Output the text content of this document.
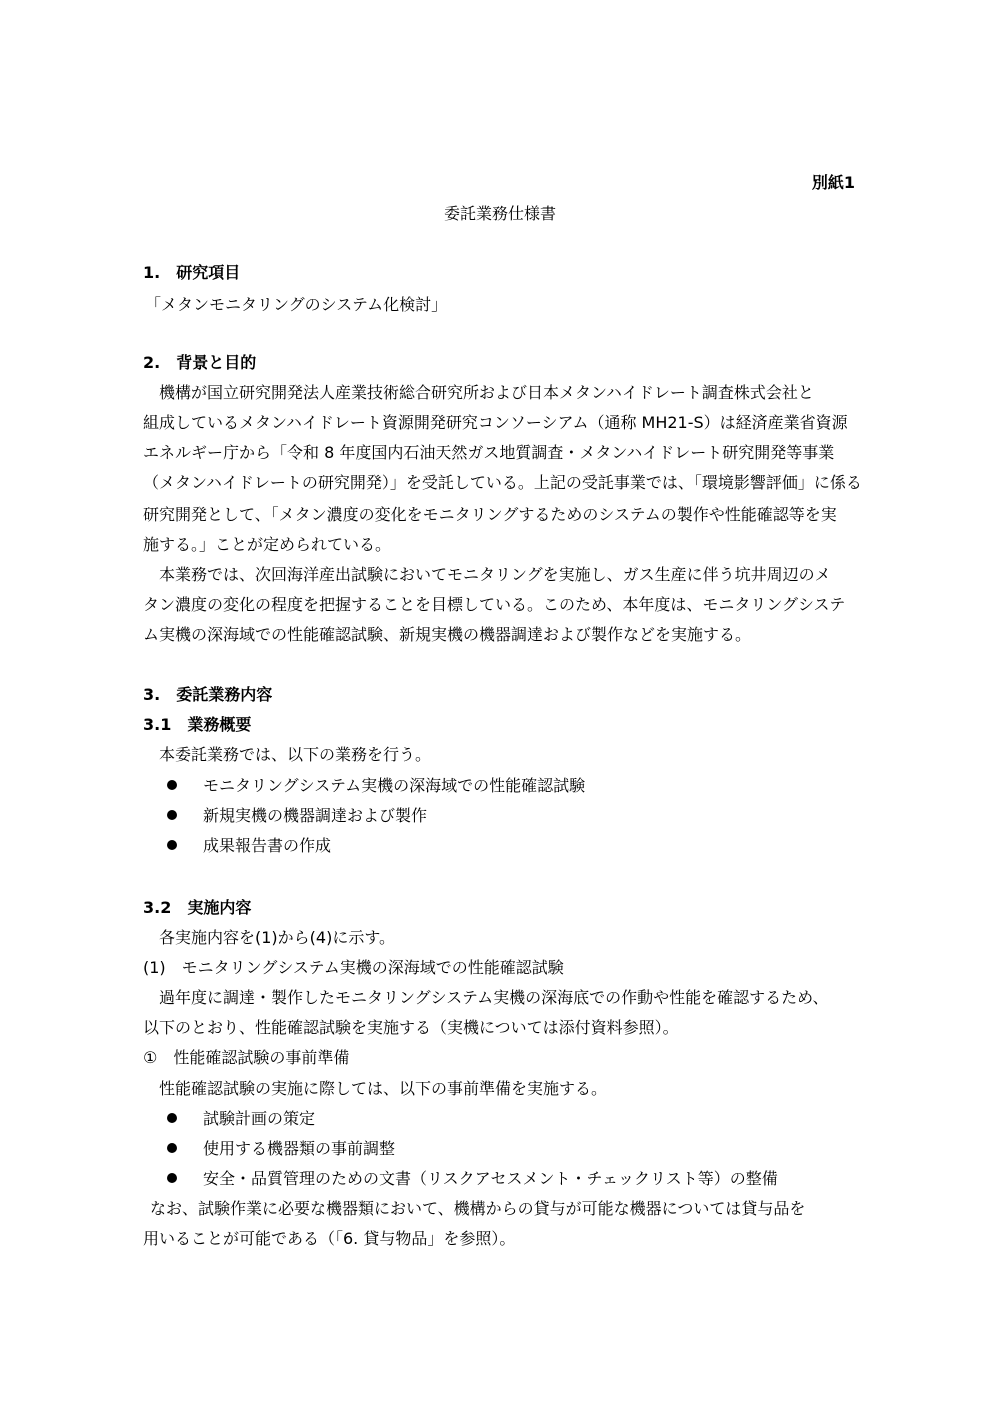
別紙1
委託業務仕様書
1.　研究項目
「メタンモニタリングのシステム化検討」
2.　背景と目的
機構が国立研究開発法人産業技術総合研究所および日本メタンハイドレート調査株式会社と
組成しているメタンハイドレート資源開発研究コンソーシアム（通称 MH21-S）は経済産業省資源
エネルギー庁から「令和 8 年度国内石油天然ガス地質調査・メタンハイドレート研究開発等事業
（メタンハイドレートの研究開発）」を受託している。上記の受託事業では、「環境影響評価」に係る
研究開発として、「メタン濃度の変化をモニタリングするためのシステムの製作や性能確認等を実
施する。」ことが定められている。
本業務では、次回海洋産出試験においてモニタリングを実施し、ガス生産に伴う坑井周辺のメ
タン濃度の変化の程度を把握することを目標している。このため、本年度は、モニタリングシステ
ム実機の深海域での性能確認試験、新規実機の機器調達および製作などを実施する。
3.　委託業務内容
3.1　業務概要
本委託業務では、以下の業務を行う。
モニタリングシステム実機の深海域での性能確認試験
新規実機の機器調達および製作
成果報告書の作成
3.2　実施内容
各実施内容を(1)から(4)に示す。
(1)　モニタリングシステム実機の深海域での性能確認試験
過年度に調達・製作したモニタリングシステム実機の深海底での作動や性能を確認するため、
以下のとおり、性能確認試験を実施する（実機については添付資料参照）。
①　性能確認試験の事前準備
性能確認試験の実施に際しては、以下の事前準備を実施する。
試験計画の策定
使用する機器類の事前調整
安全・品質管理のための文書（リスクアセスメント・チェックリスト等）の整備
なお、試験作業に必要な機器類において、機構からの貸与が可能な機器については貸与品を
用いることが可能である（「6. 貸与物品」を参照）。
